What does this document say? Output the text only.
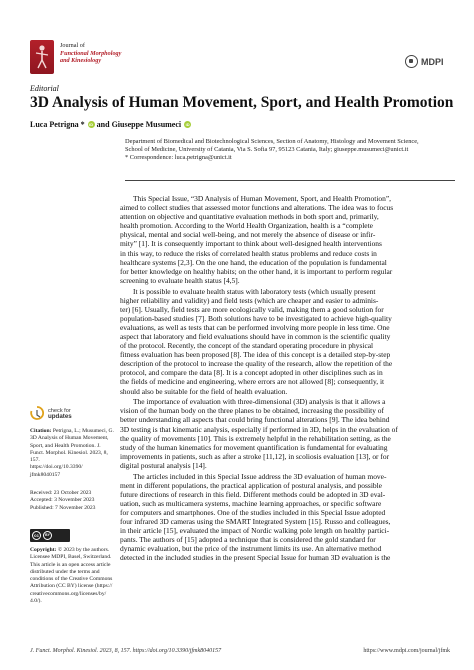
Journal of
Functional Morphology
and Kinesiology	MDPI
Editorial
3D Analysis of Human Movement, Sport, and Health Promotion
Luca Petrigna *	iD and Giuseppe Musumeci	iD
Department of Biomedical and Biotechnological Sciences, Section of Anatomy, Histology and Movement Science,
School of Medicine, University of Catania, Via S. Sofia 97, 95123 Catania, Italy; giuseppe.musumeci@unict.it
* Correspondence: luca.petrigna@unict.it
This Special Issue, “3D Analysis of Human Movement, Sport, and Health Promotion”,
aimed to collect studies that assessed motor functions and alterations. The idea was to focus
attention on objective and quantitative evaluation methods in both sport and, primarily,
health promotion. According to the World Health Organization, health is a “complete
physical, mental and social well-being, and not merely the absence of disease or infir-
mity” [1]. It is consequently important to think about well-designed health interventions
in this way, to reduce the risks of correlated health status problems and reduce costs in
healthcare systems [2,3]. On the one hand, the education of the population is fundamental
for better knowledge on healthy habits; on the other hand, it is important to perform regular
screening to evaluate health status [4,5].
It is possible to evaluate health status with laboratory tests (which usually present
higher reliability and validity) and field tests (which are cheaper and easier to adminis-
ter) [6]. Usually, field tests are more ecologically valid, making them a good solution for
population-based studies [7]. Both solutions have to be investigated to achieve high-quality
evaluations, as well as tests that can be performed involving more people in less time. One
aspect that laboratory and field evaluations should have in common is the scientific quality
of the protocol. Recently, the concept of the standard operating procedure in physical
fitness evaluation has been proposed [8]. The idea of this concept is a detailed step-by-step
description of the protocol to increase the quality of the research, allow the repetition of the
protocol, and compare the data [8]. It is a concept adopted in other disciplines such as in
the fields of medicine and engineering, where errors are not allowed [8]; consequently, it
should also be suitable for the field of health evaluation.
The importance of evaluation with three-dimensional (3D) analysis is that it allows a
vision of the human body on the three planes to be obtained, increasing the possibility of
better understanding all aspects that could bring functional alterations [9]. The idea behind
3D testing is that kinematic analysis, especially if performed in 3D, helps in the evaluation of
the quality of movements [10]. This is extremely helpful in the rehabilitation setting, as the
study of the human kinematics for movement quantification is fundamental for evaluating
improvements in patients, such as after a stroke [11,12], in scoliosis evaluation [13], or for
digital postural analysis [14].
The articles included in this Special Issue address the 3D evaluation of human move-
ment in different populations, the practical application of postural analysis, and possible
future directions of research in this field. Different methods could be adopted in 3D eval-
uation, such as multicamera systems, machine learning approaches, or specific software
for computers and smartphones. One of the studies included in this Special Issue adopted
four infrared 3D cameras using the SMART Integrated System [15]. Russo and colleagues,
in their article [15], evaluated the impact of Nordic walking pole length on healthy partici-
pants. The authors of [15] adopted a technique that is considered the gold standard for
dynamic evaluation, but the price of the instrument limits its use. An alternative method
detected in the included studies in the present Special Issue for human 3D evaluation is the
check for
updates
Citation: Petrigna, L.; Musumeci, G.
3D Analysis of Human Movement,
Sport, and Health Promotion. J.
Funct. Morphol. Kinesiol. 2023, 8, 157.
https://doi.org/10.3390/
jfmk8040157
Received: 23 October 2023
Accepted: 3 November 2023
Published: 7 November 2023
cc	BY
Copyright: © 2023 by the authors.
Licensee MDPI, Basel, Switzerland.
This article is an open access article
distributed under the terms and
conditions of the Creative Commons
Attribution (CC BY) license (https://
creativecommons.org/licenses/by/
4.0/).
J. Funct. Morphol. Kinesiol. 2023, 8, 157. https://doi.org/10.3390/jfmk8040157	https://www.mdpi.com/journal/jfmk
